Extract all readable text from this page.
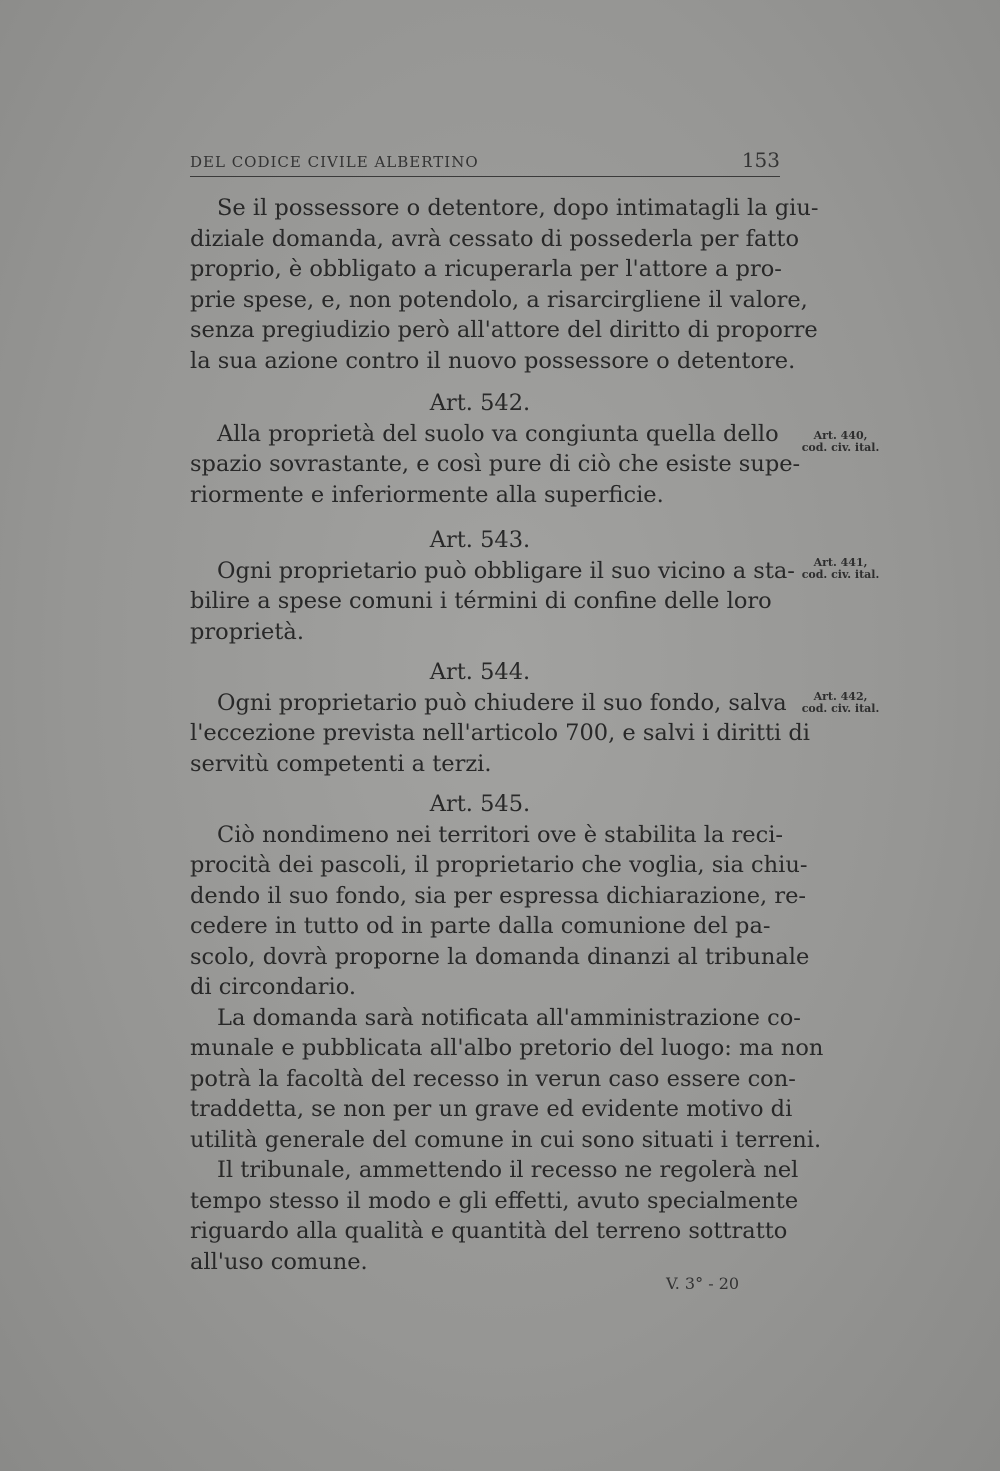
DEL CODICE CIVILE ALBERTINO	153
Se il possessore o detentore, dopo intimatagli la giu-
diziale domanda, avrà cessato di possederla per fatto
proprio, è obbligato a ricuperarla per l'attore a pro-
prie spese, e, non potendolo, a risarcirgliene il valore,
senza pregiudizio però all'attore del diritto di proporre
la sua azione contro il nuovo possessore o detentore.
Art. 542.
Alla proprietà del suolo va congiunta quella dello
spazio sovrastante, e così pure di ciò che esiste supe-
riormente e inferiormente alla superficie.
Art. 440,
cod. civ. ital.
Art. 543.
Ogni proprietario può obbligare il suo vicino a sta-
bilire a spese comuni i términi di confine delle loro
proprietà.
Art. 441,
cod. civ. ital.
Art. 544.
Ogni proprietario può chiudere il suo fondo, salva
l'eccezione prevista nell'articolo 700, e salvi i diritti di
servitù competenti a terzi.
Art. 442,
cod. civ. ital.
Art. 545.
Ciò nondimeno nei territori ove è stabilita la reci-
procità dei pascoli, il proprietario che voglia, sia chiu-
dendo il suo fondo, sia per espressa dichiarazione, re-
cedere in tutto od in parte dalla comunione del pa-
scolo, dovrà proporne la domanda dinanzi al tribunale
di circondario.
La domanda sarà notificata all'amministrazione co-
munale e pubblicata all'albo pretorio del luogo: ma non
potrà la facoltà del recesso in verun caso essere con-
traddetta, se non per un grave ed evidente motivo di
utilità generale del comune in cui sono situati i terreni.
Il tribunale, ammettendo il recesso ne regolerà nel
tempo stesso il modo e gli effetti, avuto specialmente
riguardo alla qualità e quantità del terreno sottratto
all'uso comune.
V. 3° - 20
